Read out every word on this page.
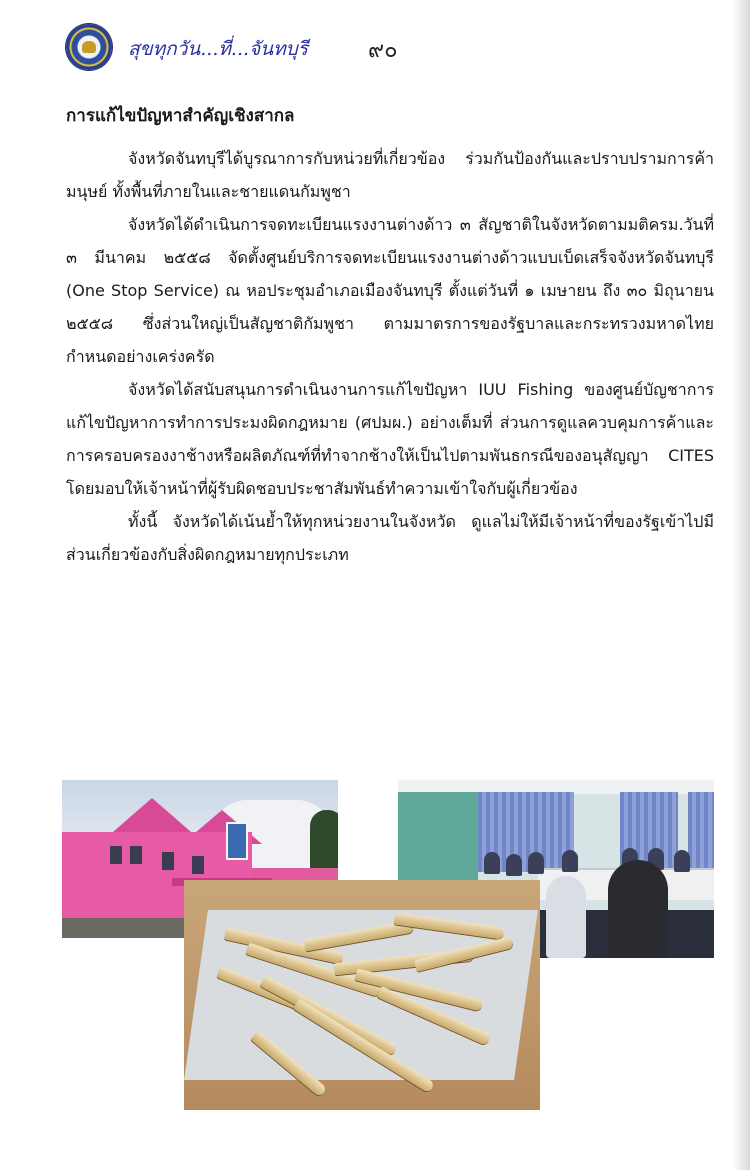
สุขทุกวัน...ที่...จันทบุรี	๙๐
การแก้ไขปัญหาสำคัญเชิงสากล

จังหวัดจันทบุรีได้บูรณาการกับหน่วยที่เกี่ยวข้อง ร่วมกันป้องกันและปราบปรามการค้ามนุษย์ ทั้งพื้นที่ภายในและชายแดนกัมพูชา

จังหวัดได้ดำเนินการจดทะเบียนแรงงานต่างด้าว ๓ สัญชาติในจังหวัดตามมติครม.วันที่ ๓ มีนาคม ๒๕๕๘ จัดตั้งศูนย์บริการจดทะเบียนแรงงานต่างด้าวแบบเบ็ดเสร็จจังหวัดจันทบุรี (One Stop Service) ณ หอประชุมอำเภอเมืองจันทบุรี ตั้งแต่วันที่ ๑ เมษายน ถึง ๓๐ มิถุนายน ๒๕๕๘ ซึ่งส่วนใหญ่เป็นสัญชาติกัมพูชา ตามมาตรการของรัฐบาลและกระทรวงมหาดไทยกำหนดอย่างเคร่งครัด

จังหวัดได้สนับสนุนการดำเนินงานการแก้ไขปัญหา IUU Fishing ของศูนย์บัญชาการแก้ไขปัญหาการทำการประมงผิดกฎหมาย (ศปมผ.) อย่างเต็มที่ ส่วนการดูแลควบคุมการค้าและการครอบครองงาช้างหรือผลิตภัณฑ์ที่ทำจากช้างให้เป็นไปตามพันธกรณีของอนุสัญญา CITES โดยมอบให้เจ้าหน้าที่ผู้รับผิดชอบประชาสัมพันธ์ทำความเข้าใจกับผู้เกี่ยวข้อง

ทั้งนี้ จังหวัดได้เน้นย้ำให้ทุกหน่วยงานในจังหวัด ดูแลไม่ให้มีเจ้าหน้าที่ของรัฐเข้าไปมีส่วนเกี่ยวข้องกับสิ่งผิดกฎหมายทุกประเภท
